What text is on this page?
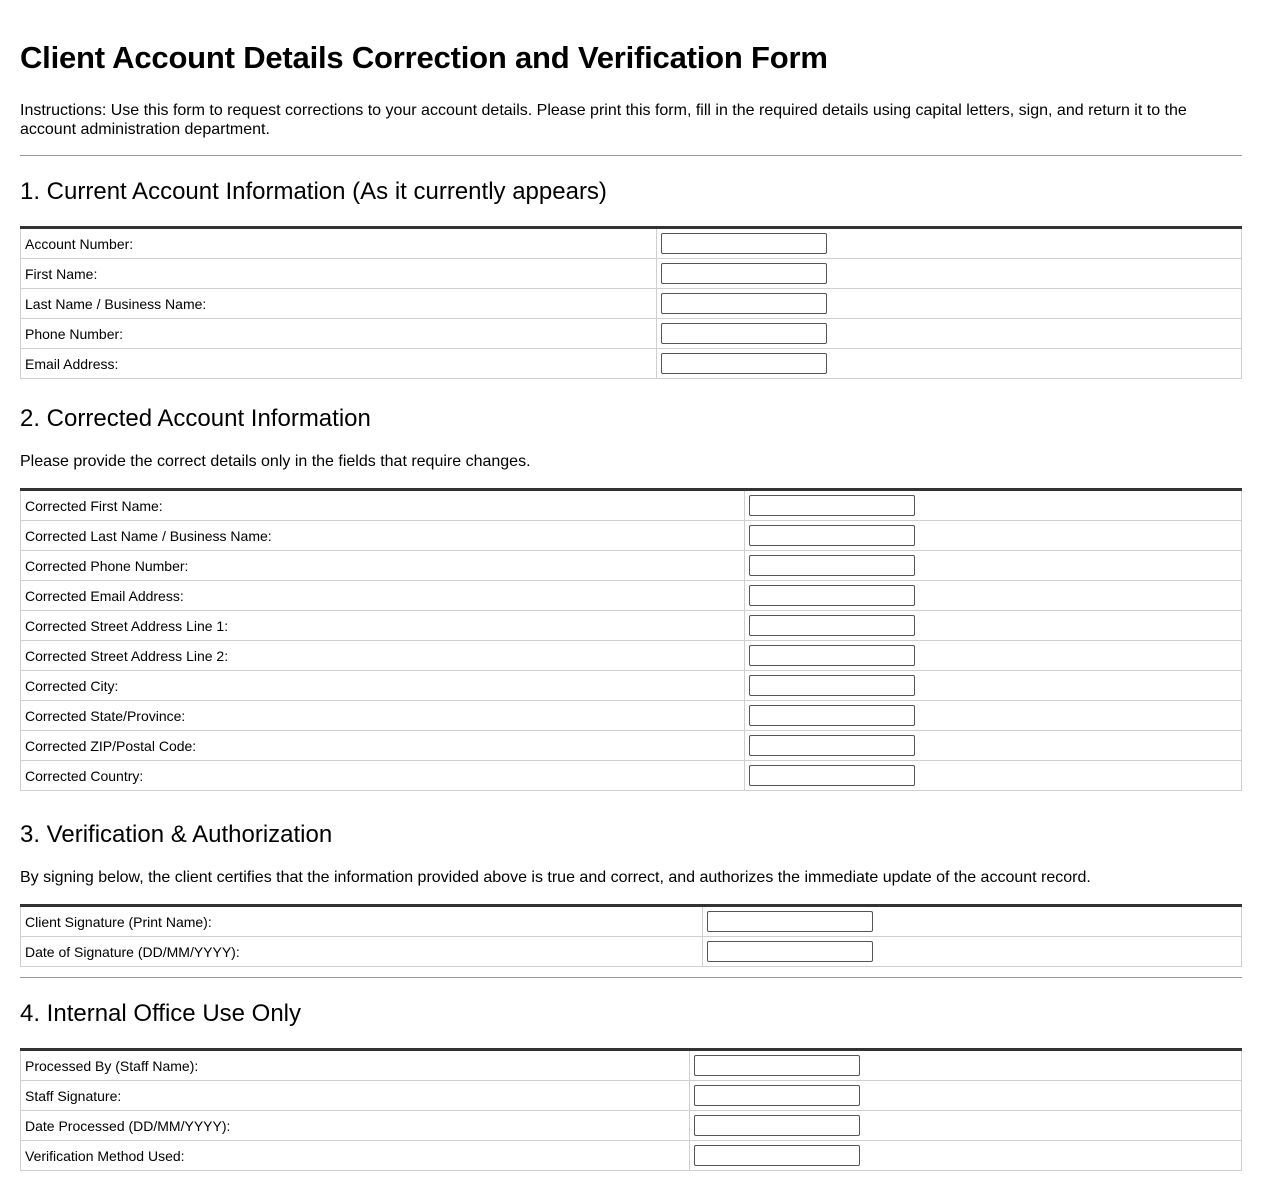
Client Account Details Correction and Verification Form

Instructions: Use this form to request corrections to your account details. Please print this form, fill in the required details using capital letters, sign, and return it to the account administration department.

1. Current Account Information (As it currently appears)
Account Number:	

First Name:	

Last Name / Business Name:	

Phone Number:	

Email Address:	
2. Corrected Account Information

Please provide the correct details only in the fields that require changes.

Corrected First Name:	

Corrected Last Name / Business Name:	

Corrected Phone Number:	

Corrected Email Address:	

Corrected Street Address Line 1:	

Corrected Street Address Line 2:	

Corrected City:	

Corrected State/Province:	

Corrected ZIP/Postal Code:	

Corrected Country:	
3. Verification & Authorization

By signing below, the client certifies that the information provided above is true and correct, and authorizes the immediate update of the account record.

Client Signature (Print Name):	

Date of Signature (DD/MM/YYYY):	
4. Internal Office Use Only
Processed By (Staff Name):	

Staff Signature:	

Date Processed (DD/MM/YYYY):	

Verification Method Used:	
